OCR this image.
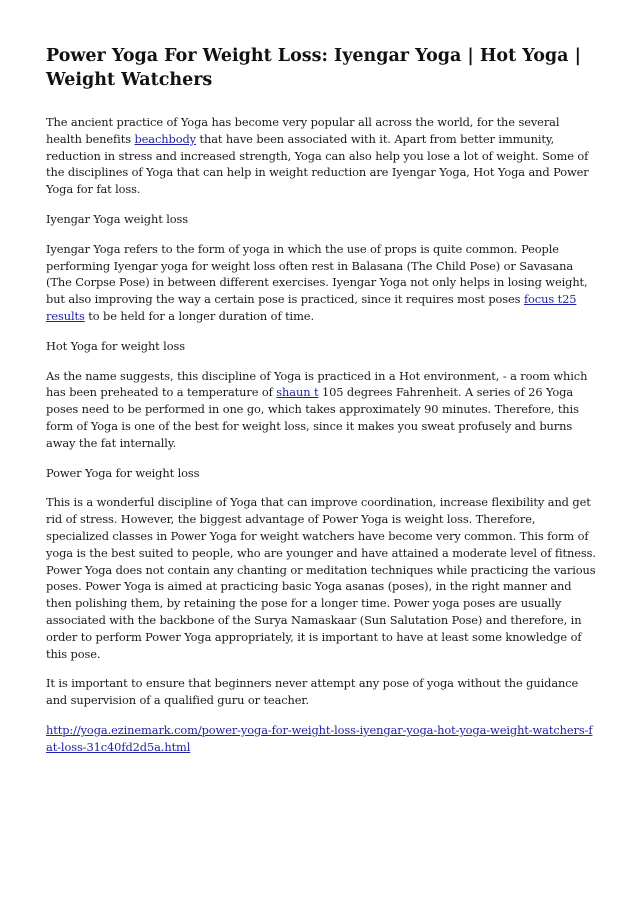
Power Yoga For Weight Loss: Iyengar Yoga | Hot Yoga | Weight Watchers

The ancient practice of Yoga has become very popular all across the world, for the several health benefits beachbody that have been associated with it. Apart from better immunity, reduction in stress and increased strength, Yoga can also help you lose a lot of weight. Some of the disciplines of Yoga that can help in weight reduction are Iyengar Yoga, Hot Yoga and Power Yoga for fat loss.

Iyengar Yoga weight loss

Iyengar Yoga refers to the form of yoga in which the use of props is quite common. People performing Iyengar yoga for weight loss often rest in Balasana (The Child Pose) or Savasana (The Corpse Pose) in between different exercises. Iyengar Yoga not only helps in losing weight, but also improving the way a certain pose is practiced, since it requires most poses focus t25 results to be held for a longer duration of time.

Hot Yoga for weight loss

As the name suggests, this discipline of Yoga is practiced in a Hot environment, - a room which has been preheated to a temperature of shaun t 105 degrees Fahrenheit. A series of 26 Yoga poses need to be performed in one go, which takes approximately 90 minutes. Therefore, this form of Yoga is one of the best for weight loss, since it makes you sweat profusely and burns away the fat internally.

Power Yoga for weight loss

This is a wonderful discipline of Yoga that can improve coordination, increase flexibility and get rid of stress. However, the biggest advantage of Power Yoga is weight loss. Therefore, specialized classes in Power Yoga for weight watchers have become very common. This form of yoga is the best suited to people, who are younger and have attained a moderate level of fitness. Power Yoga does not contain any chanting or meditation techniques while practicing the various poses. Power Yoga is aimed at practicing basic Yoga asanas (poses), in the right manner and then polishing them, by retaining the pose for a longer time. Power yoga poses are usually associated with the backbone of the Surya Namaskaar (Sun Salutation Pose) and therefore, in order to perform Power Yoga appropriately, it is important to have at least some knowledge of this pose.

It is important to ensure that beginners never attempt any pose of yoga without the guidance and supervision of a qualified guru or teacher.

http://yoga.ezinemark.com/power-yoga-for-weight-loss-iyengar-yoga-hot-yoga-weight-watchers-fat-loss-31c40fd2d5a.html
